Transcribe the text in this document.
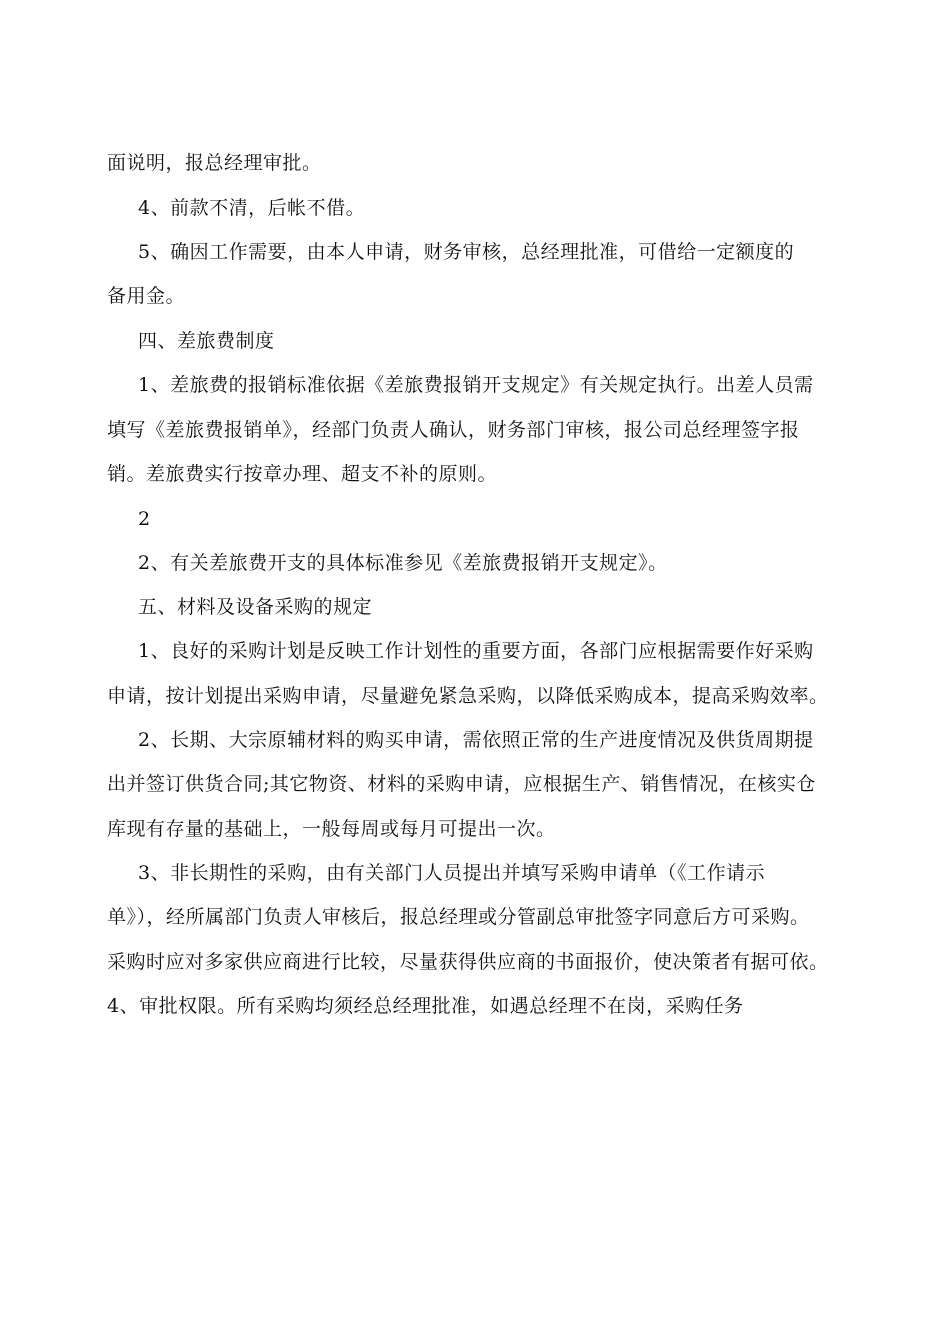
面说明，报总经理审批。
4、前款不清，后帐不借。
5、确因工作需要，由本人申请，财务审核，总经理批准，可借给一定额度的
备用金。
四、差旅费制度
1、差旅费的报销标准依据《差旅费报销开支规定》有关规定执行。出差人员需
填写《差旅费报销单》，经部门负责人确认，财务部门审核，报公司总经理签字报
销。差旅费实行按章办理、超支不补的原则。
2
2、有关差旅费开支的具体标准参见《差旅费报销开支规定》。
五、材料及设备采购的规定
1、良好的采购计划是反映工作计划性的重要方面，各部门应根据需要作好采购
申请，按计划提出采购申请，尽量避免紧急采购，以降低采购成本，提高采购效率。
2、长期、大宗原辅材料的购买申请，需依照正常的生产进度情况及供货周期提
出并签订供货合同;其它物资、材料的采购申请，应根据生产、销售情况，在核实仓
库现有存量的基础上，一般每周或每月可提出一次。
3、非长期性的采购，由有关部门人员提出并填写采购申请单（《工作请示
单》），经所属部门负责人审核后，报总经理或分管副总审批签字同意后方可采购。
采购时应对多家供应商进行比较，尽量获得供应商的书面报价，使决策者有据可依。
4、审批权限。所有采购均须经总经理批准，如遇总经理不在岗，采购任务
